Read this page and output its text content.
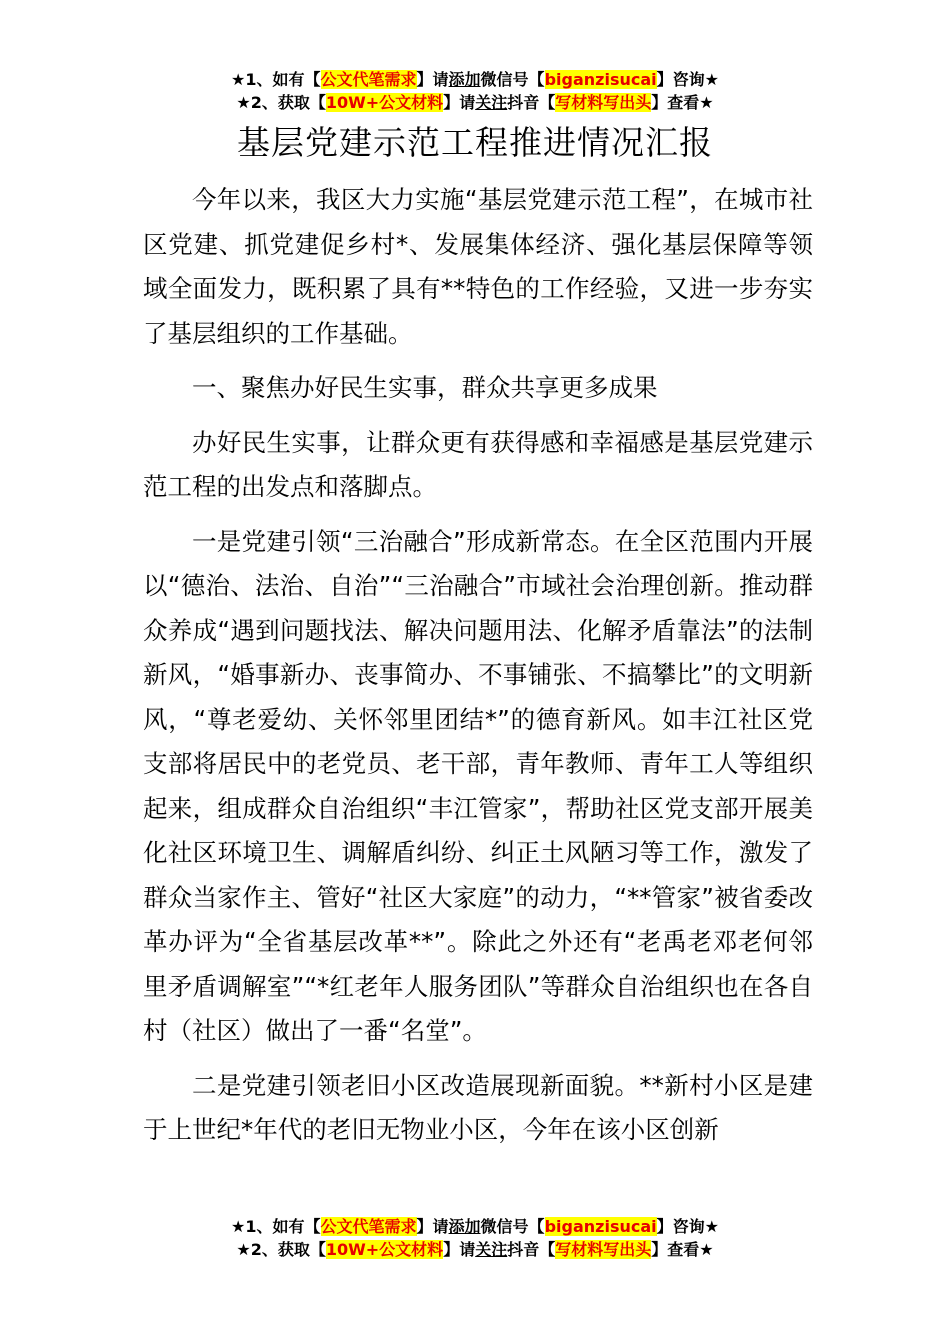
★1、如有【公文代笔需求】请添加微信号【biganzisucai】咨询★
★2、获取【10W+公文材料】请关注抖音【写材料写出头】查看★
基层党建示范工程推进情况汇报

今年以来，我区大力实施“基层党建示范工程”，在城市社区党建、抓党建促乡村*、发展集体经济、强化基层保障等领域全面发力，既积累了具有**特色的工作经验，又进一步夯实了基层组织的工作基础。

一、聚焦办好民生实事，群众共享更多成果

办好民生实事，让群众更有获得感和幸福感是基层党建示范工程的出发点和落脚点。

一是党建引领“三治融合”形成新常态。在全区范围内开展以“德治、法治、自治”“三治融合”市域社会治理创新。推动群众养成“遇到问题找法、解决问题用法、化解矛盾靠法”的法制新风，“婚事新办、丧事简办、不事铺张、不搞攀比”的文明新风，“尊老爱幼、关怀邻里团结*”的德育新风。如丰江社区党支部将居民中的老党员、老干部，青年教师、青年工人等组织起来，组成群众自治组织“丰江管家”，帮助社区党支部开展美化社区环境卫生、调解盾纠纷、纠正土风陋习等工作，激发了群众当家作主、管好“社区大家庭”的动力，“**管家”被省委改革办评为“全省基层改革**”。除此之外还有“老禹老邓老何邻里矛盾调解室”“*红老年人服务团队”等群众自治组织也在各自村（社区）做出了一番“名堂”。

二是党建引领老旧小区改造展现新面貌。**新村小区是建于上世纪*年代的老旧无物业小区，今年在该小区创新

★1、如有【公文代笔需求】请添加微信号【biganzisucai】咨询★
★2、获取【10W+公文材料】请关注抖音【写材料写出头】查看★
